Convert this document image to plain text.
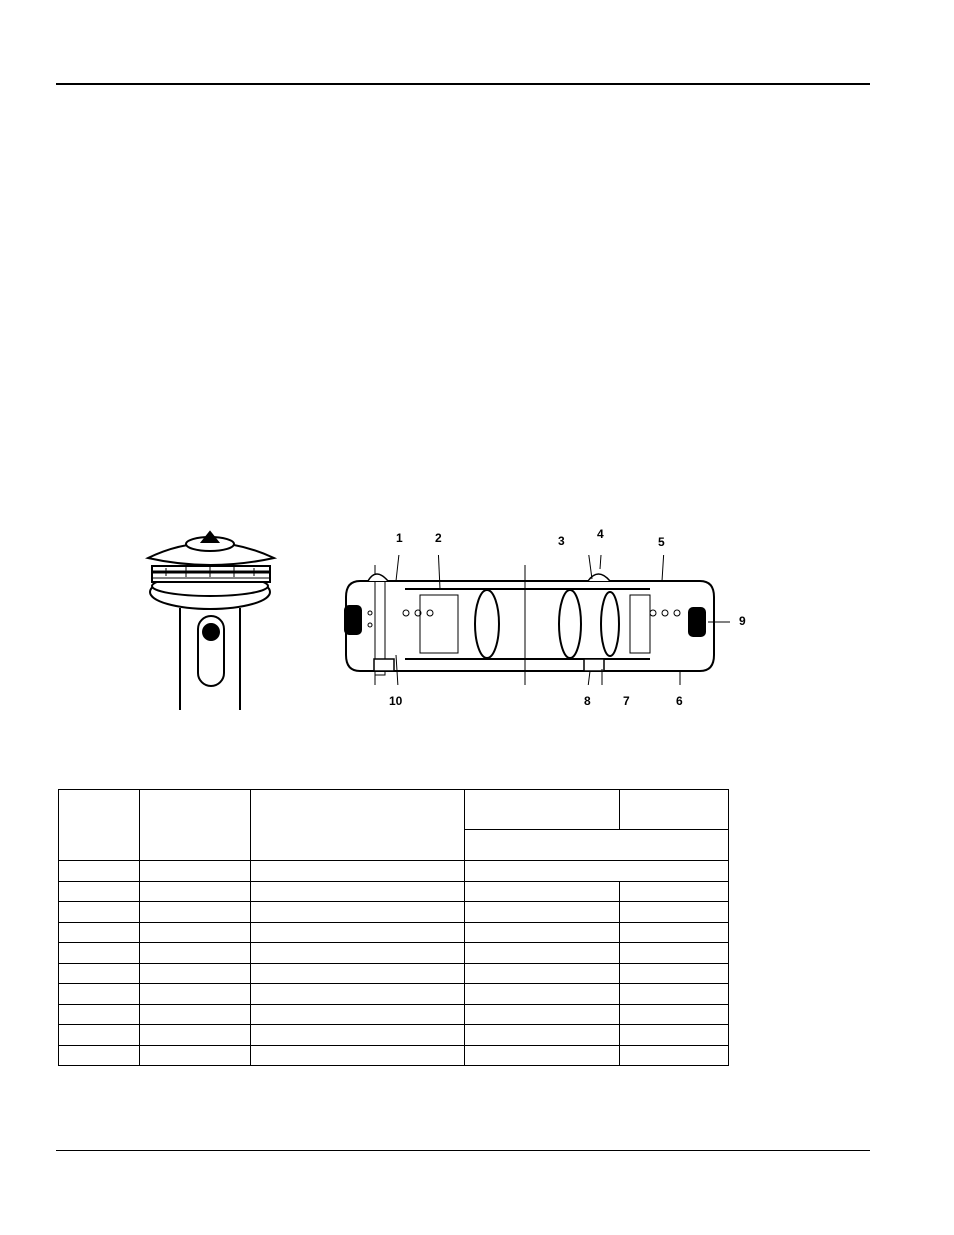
1	2	3	4
5
6
7
8
9
10
